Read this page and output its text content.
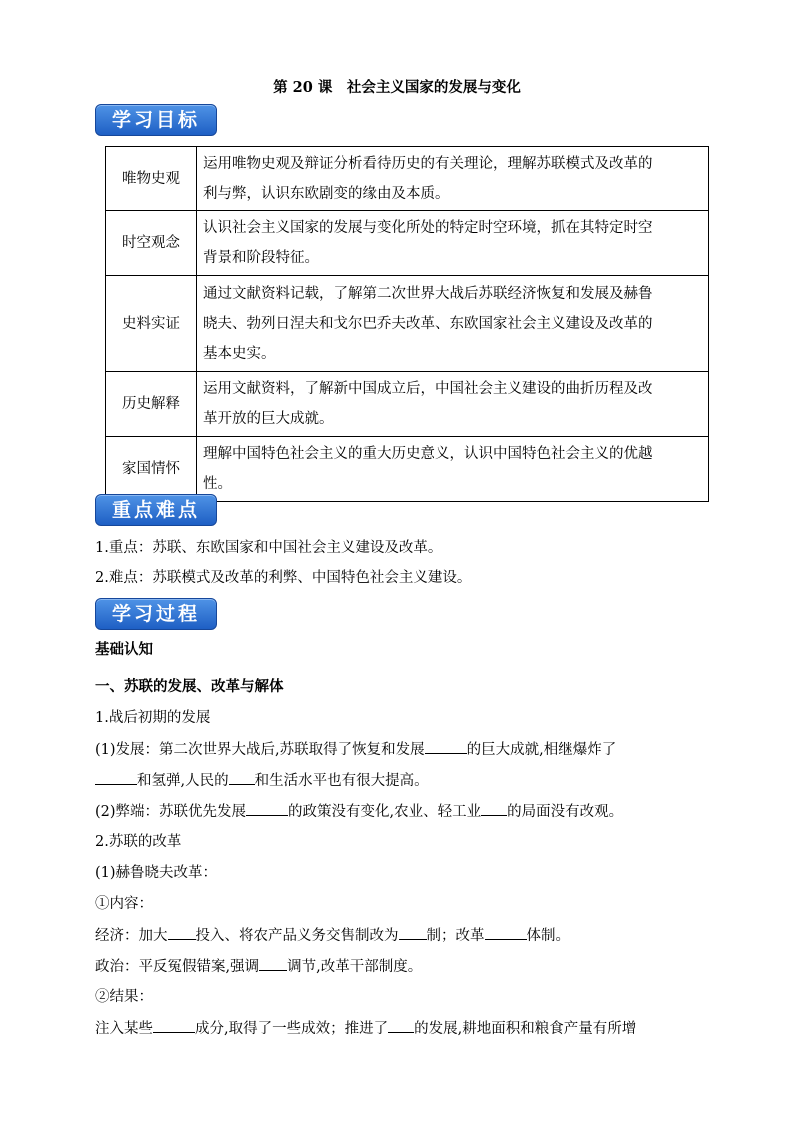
第 20 课　社会主义国家的发展与变化
学习目标
唯物史观	运用唯物史观及辩证分析看待历史的有关理论，理解苏联模式及改革的
利与弊，认识东欧剧变的缘由及本质。

时空观念	认识社会主义国家的发展与变化所处的特定时空环境，抓在其特定时空
背景和阶段特征。

史料实证	通过文献资料记载，了解第二次世界大战后苏联经济恢复和发展及赫鲁
晓夫、勃列日涅夫和戈尔巴乔夫改革、东欧国家社会主义建设及改革的
基本史实。

历史解释	运用文献资料，了解新中国成立后，中国社会主义建设的曲折历程及改
革开放的巨大成就。

家国情怀	理解中国特色社会主义的重大历史意义，认识中国特色社会主义的优越
性。
重点难点
1.重点：苏联、东欧国家和中国社会主义建设及改革。
2.难点：苏联模式及改革的利弊、中国特色社会主义建设。
学习过程
基础认知
一、苏联的发展、改革与解体
1.战后初期的发展
(1)发展：第二次世界大战后,苏联取得了恢复和发展	的巨大成就,相继爆炸了
和氢弹,人民的 和生活水平也有很大提高。
(2)弊端：苏联优先发展	的政策没有变化,农业、轻工业 的局面没有改观。
2.苏联的改革
(1)赫鲁晓夫改革：
①内容：
经济：加大 投入、将农产品义务交售制改为 制；改革	体制。
政治：平反冤假错案,强调 调节,改革干部制度。
②结果：
注入某些	成分,取得了一些成效；推进了 的发展,耕地面积和粮食产量有所增
